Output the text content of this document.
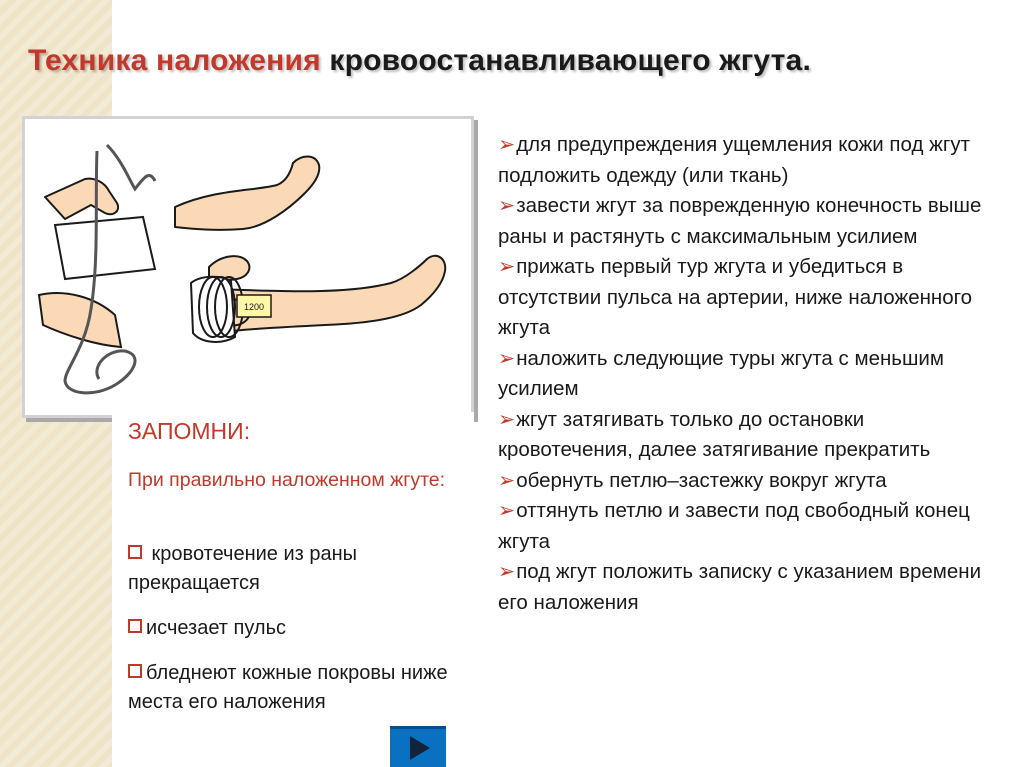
Техника наложения кровоостанавливающего жгута.
1200
➢для предупреждения ущемления кожи под жгут подложить одежду (или ткань)
➢завести жгут за поврежденную конечность выше раны и растянуть с максимальным усилием
➢прижать первый тур жгута и убедиться в отсутствии пульса на артерии, ниже наложенного жгута
➢наложить следующие туры жгута с меньшим усилием
➢жгут затягивать только до остановки кровотечения, далее затягивание прекратить
➢обернуть петлю–застежку вокруг жгута
➢оттянуть петлю и завести под свободный конец жгута
➢под жгут положить записку с указанием времени его наложения
ЗАПОМНИ:

При правильно наложенном жгуте:

кровотечение из раны прекращается
исчезает пульс
бледнеют кожные покровы ниже места его наложения
